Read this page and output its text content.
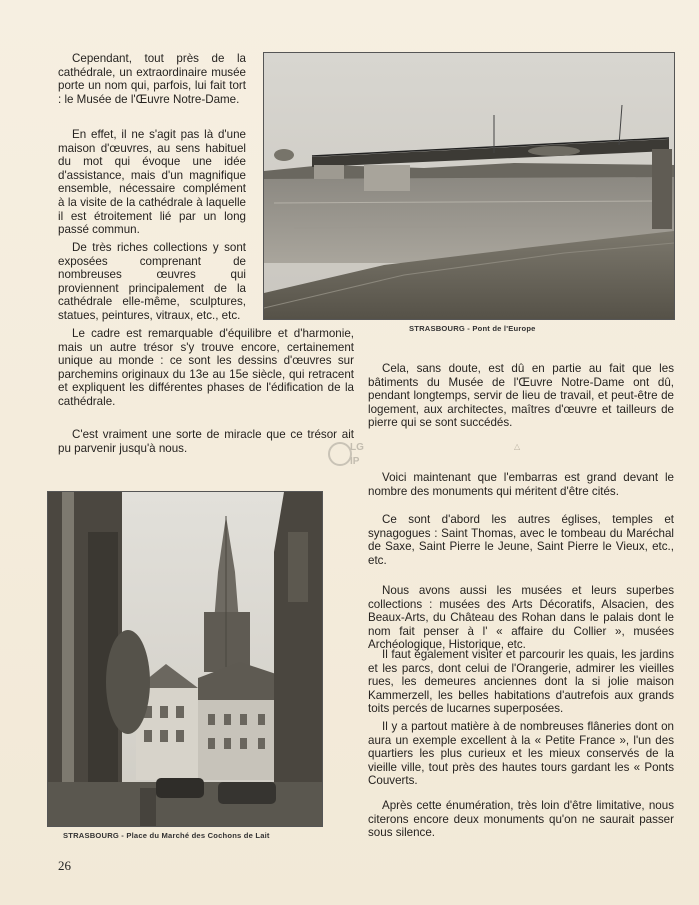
Cependant, tout près de la cathédrale, un extraordinaire musée porte un nom qui, parfois, lui fait tort : le Musée de l'Œuvre Notre-Dame.

En effet, il ne s'agit pas là d'une maison d'œuvres, au sens habituel du mot qui évoque une idée d'assistance, mais d'un magnifique ensemble, nécessaire complément à la visite de la cathédrale à laquelle il est étroitement lié par un long passé commun.

De très riches collections y sont exposées comprenant de nombreuses œuvres qui proviennent principalement de la cathédrale elle-même, sculptures, statues, peintures, vitraux, etc., etc.

Le cadre est remarquable d'équilibre et d'harmonie, mais un autre trésor s'y trouve encore, certainement unique au monde : ce sont les dessins d'œuvres sur parchemins originaux du 13e au 15e siècle, qui retracent et expliquent les différentes phases de l'édification de la cathédrale.

C'est vraiment une sorte de miracle que ce trésor ait pu parvenir jusqu'à nous.

STRASBOURG - Pont de l'Europe

Cela, sans doute, est dû en partie au fait que les bâtiments du Musée de l'Œuvre Notre-Dame ont dû, pendant longtemps, servir de lieu de travail, et peut-être de logement, aux architectes, maîtres d'œuvre et tailleurs de pierre qui se sont succédés.

Voici maintenant que l'embarras est grand devant le nombre des monuments qui méritent d'être cités.

Ce sont d'abord les autres églises, temples et synagogues : Saint Thomas, avec le tombeau du Maréchal de Saxe, Saint Pierre le Jeune, Saint Pierre le Vieux, etc., etc.

Nous avons aussi les musées et leurs superbes collections : musées des Arts Décoratifs, Alsacien, des Beaux-Arts, du Château des Rohan dans le palais dont le nom fait penser à l' « affaire du Collier », musées Archéologique, Historique, etc.

Il faut également visiter et parcourir les quais, les jardins et les parcs, dont celui de l'Orangerie, admirer les vieilles rues, les demeures anciennes dont la si jolie maison Kammerzell, les belles habitations d'autrefois aux grands toits percés de lucarnes superposées.

Il y a partout matière à de nombreuses flâneries dont on aura un exemple excellent à la « Petite France », l'un des quartiers les plus curieux et les mieux conservés de la vieille ville, tout près des hautes tours gardant les « Ponts Couverts.

Après cette énumération, très loin d'être limitative, nous citerons encore deux monuments qu'on ne saurait passer sous silence.

STRASBOURG - Place du Marché des Cochons de Lait
LG
IP
△
26
